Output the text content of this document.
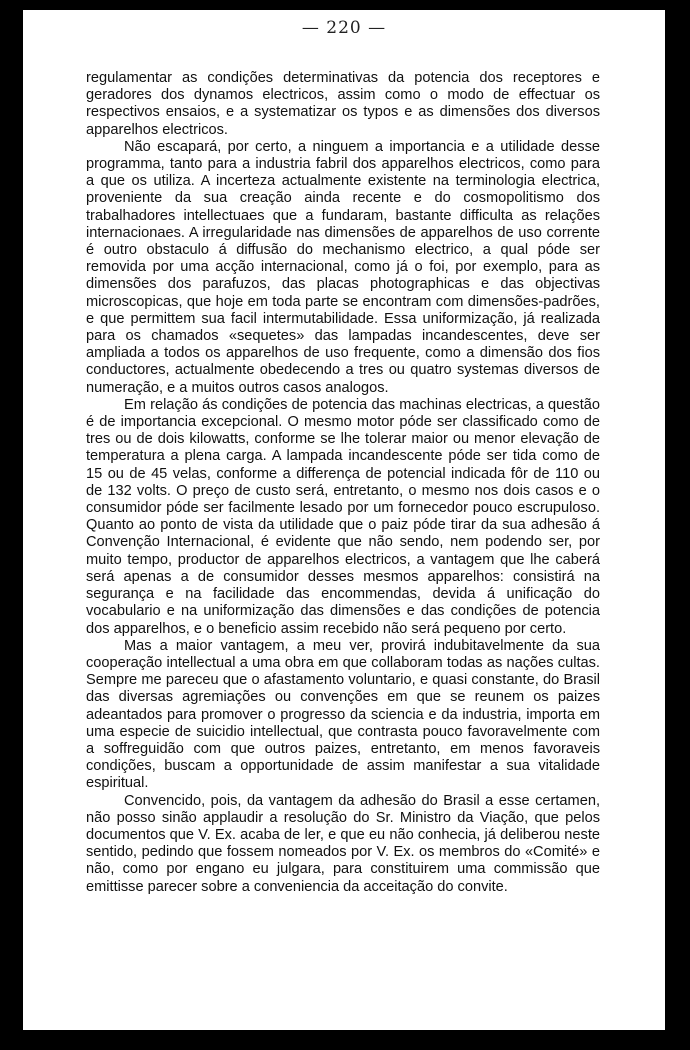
— 220 —

regulamentar as condições determinativas da potencia dos receptores e geradores dos dynamos electricos, assim como o modo de effectuar os respectivos ensaios, e a systematizar os typos e as dimensões dos diversos apparelhos electricos.

Não escapará, por certo, a ninguem a importancia e a utilidade desse programma, tanto para a industria fabril dos apparelhos electricos, como para a que os utiliza. A incerteza actualmente existente na terminologia electrica, proveniente da sua creação ainda recente e do cosmopolitismo dos trabalhadores intellectuaes que a fundaram, bastante difficulta as relações internacionaes. A irregularidade nas dimensões de apparelhos de uso corrente é outro obstaculo á diffusão do mechanismo electrico, a qual póde ser removida por uma acção internacional, como já o foi, por exemplo, para as dimensões dos parafuzos, das placas photographicas e das objectivas microscopicas, que hoje em toda parte se encontram com dimensões-padrões, e que permittem sua facil intermutabilidade. Essa uniformização, já realizada para os chamados «sequetes» das lampadas incandescentes, deve ser ampliada a todos os apparelhos de uso frequente, como a dimensão dos fios conductores, actualmente obedecendo a tres ou quatro systemas diversos de numeração, e a muitos outros casos analogos.

Em relação ás condições de potencia das machinas electricas, a questão é de importancia excepcional. O mesmo motor póde ser classificado como de tres ou de dois kilowatts, conforme se lhe tolerar maior ou menor elevação de temperatura a plena carga. A lampada incandescente póde ser tida como de 15 ou de 45 velas, conforme a differença de potencial indicada fôr de 110 ou de 132 volts. O preço de custo será, entretanto, o mesmo nos dois casos e o consumidor póde ser facilmente lesado por um fornecedor pouco escrupuloso. Quanto ao ponto de vista da utilidade que o paiz póde tirar da sua adhesão á Convenção Internacional, é evidente que não sendo, nem podendo ser, por muito tempo, productor de apparelhos electricos, a vantagem que lhe caberá será apenas a de consumidor desses mesmos apparelhos: consistirá na segurança e na facilidade das encommendas, devida á unificação do vocabulario e na uniformização das dimensões e das condições de potencia dos apparelhos, e o beneficio assim recebido não será pequeno por certo.

Mas a maior vantagem, a meu ver, provirá indubitavelmente da sua cooperação intellectual a uma obra em que collaboram todas as nações cultas. Sempre me pareceu que o afastamento voluntario, e quasi constante, do Brasil das diversas agremiações ou convenções em que se reunem os paizes adeantados para promover o progresso da sciencia e da industria, importa em uma especie de suicidio intellectual, que contrasta pouco favoravelmente com a soffreguidão com que outros paizes, entretanto, em menos favoraveis condições, buscam a opportunidade de assim manifestar a sua vitalidade espiritual.

Convencido, pois, da vantagem da adhesão do Brasil a esse certamen, não posso sinão applaudir a resolução do Sr. Ministro da Viação, que pelos documentos que V. Ex. acaba de ler, e que eu não conhecia, já deliberou neste sentido, pedindo que fossem nomeados por V. Ex. os membros do «Comité» e não, como por engano eu julgara, para constituirem uma commissão que emittisse parecer sobre a conveniencia da acceitação do convite.
